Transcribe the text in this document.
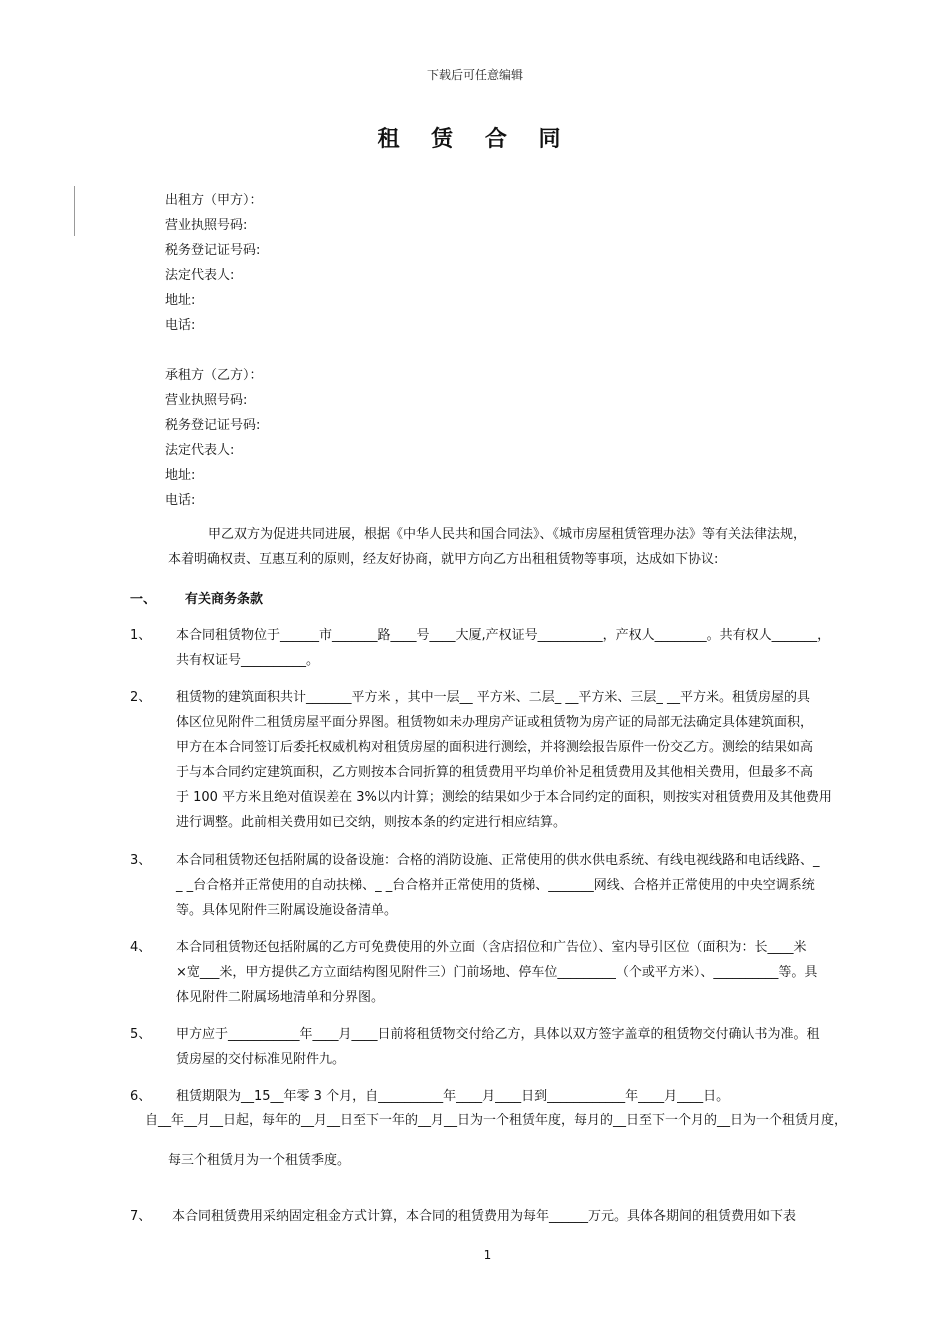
下载后可任意编辑
租 赁 合 同
出租方（甲方）：
营业执照号码:
税务登记证号码:
法定代表人:
地址:
电话:
承租方（乙方）：
营业执照号码:
税务登记证号码:
法定代表人:
地址:
电话:
甲乙双方为促进共同进展，根据《中华人民共和国合同法》、《城市房屋租赁管理办法》等有关法律法规，
本着明确权责、互惠互利的原则，经友好协商，就甲方向乙方出租租赁物等事项，达成如下协议:
一、 有关商务条款
1、	本合同租赁物位于______市_______路____号____大厦,产权证号__________，产权人________。共有权人_______，
共有权证号__________。
2、	租赁物的建筑面积共计_______平方米 ，其中一层__ 平方米、二层_ __平方米、三层_ __平方米。租赁房屋的具
体区位见附件二租赁房屋平面分界图。租赁物如未办理房产证或租赁物为房产证的局部无法确定具体建筑面积，
甲方在本合同签订后委托权威机构对租赁房屋的面积进行测绘，并将测绘报告原件一份交乙方。测绘的结果如高
于与本合同约定建筑面积，乙方则按本合同折算的租赁费用平均单价补足租赁费用及其他相关费用，但最多不高
于 100 平方米且绝对值误差在 3%以内计算；测绘的结果如少于本合同约定的面积，则按实对租赁费用及其他费用
进行调整。此前相关费用如已交纳，则按本条的约定进行相应结算。
3、	本合同租赁物还包括附属的设备设施：合格的消防设施、正常使用的供水供电系统、有线电视线路和电话线路、_
_ _台合格并正常使用的自动扶梯、_ _台合格并正常使用的货梯、_______网线、合格并正常使用的中央空调系统
等。具体见附件三附属设施设备清单。
4、	本合同租赁物还包括附属的乙方可免费使用的外立面（含店招位和广告位）、室内导引区位（面积为：长____米
×宽___米，甲方提供乙方立面结构图见附件三）门前场地、停车位_________（个或平方米）、__________等。具
体见附件二附属场地清单和分界图。
5、	甲方应于___________年____月____日前将租赁物交付给乙方，具体以双方签字盖章的租赁物交付确认书为准。租
赁房屋的交付标准见附件九。
6、	租赁期限为__15__年零 3 个月，自__________年____月____日到____________年____月____日。
自__年__月__日起，每年的__月__日至下一年的__月__日为一个租赁年度，每月的__日至下一个月的__日为一个租赁月度，
每三个租赁月为一个租赁季度。
7、	本合同租赁费用采纳固定租金方式计算，本合同的租赁费用为每年______万元。具体各期间的租赁费用如下表
1
